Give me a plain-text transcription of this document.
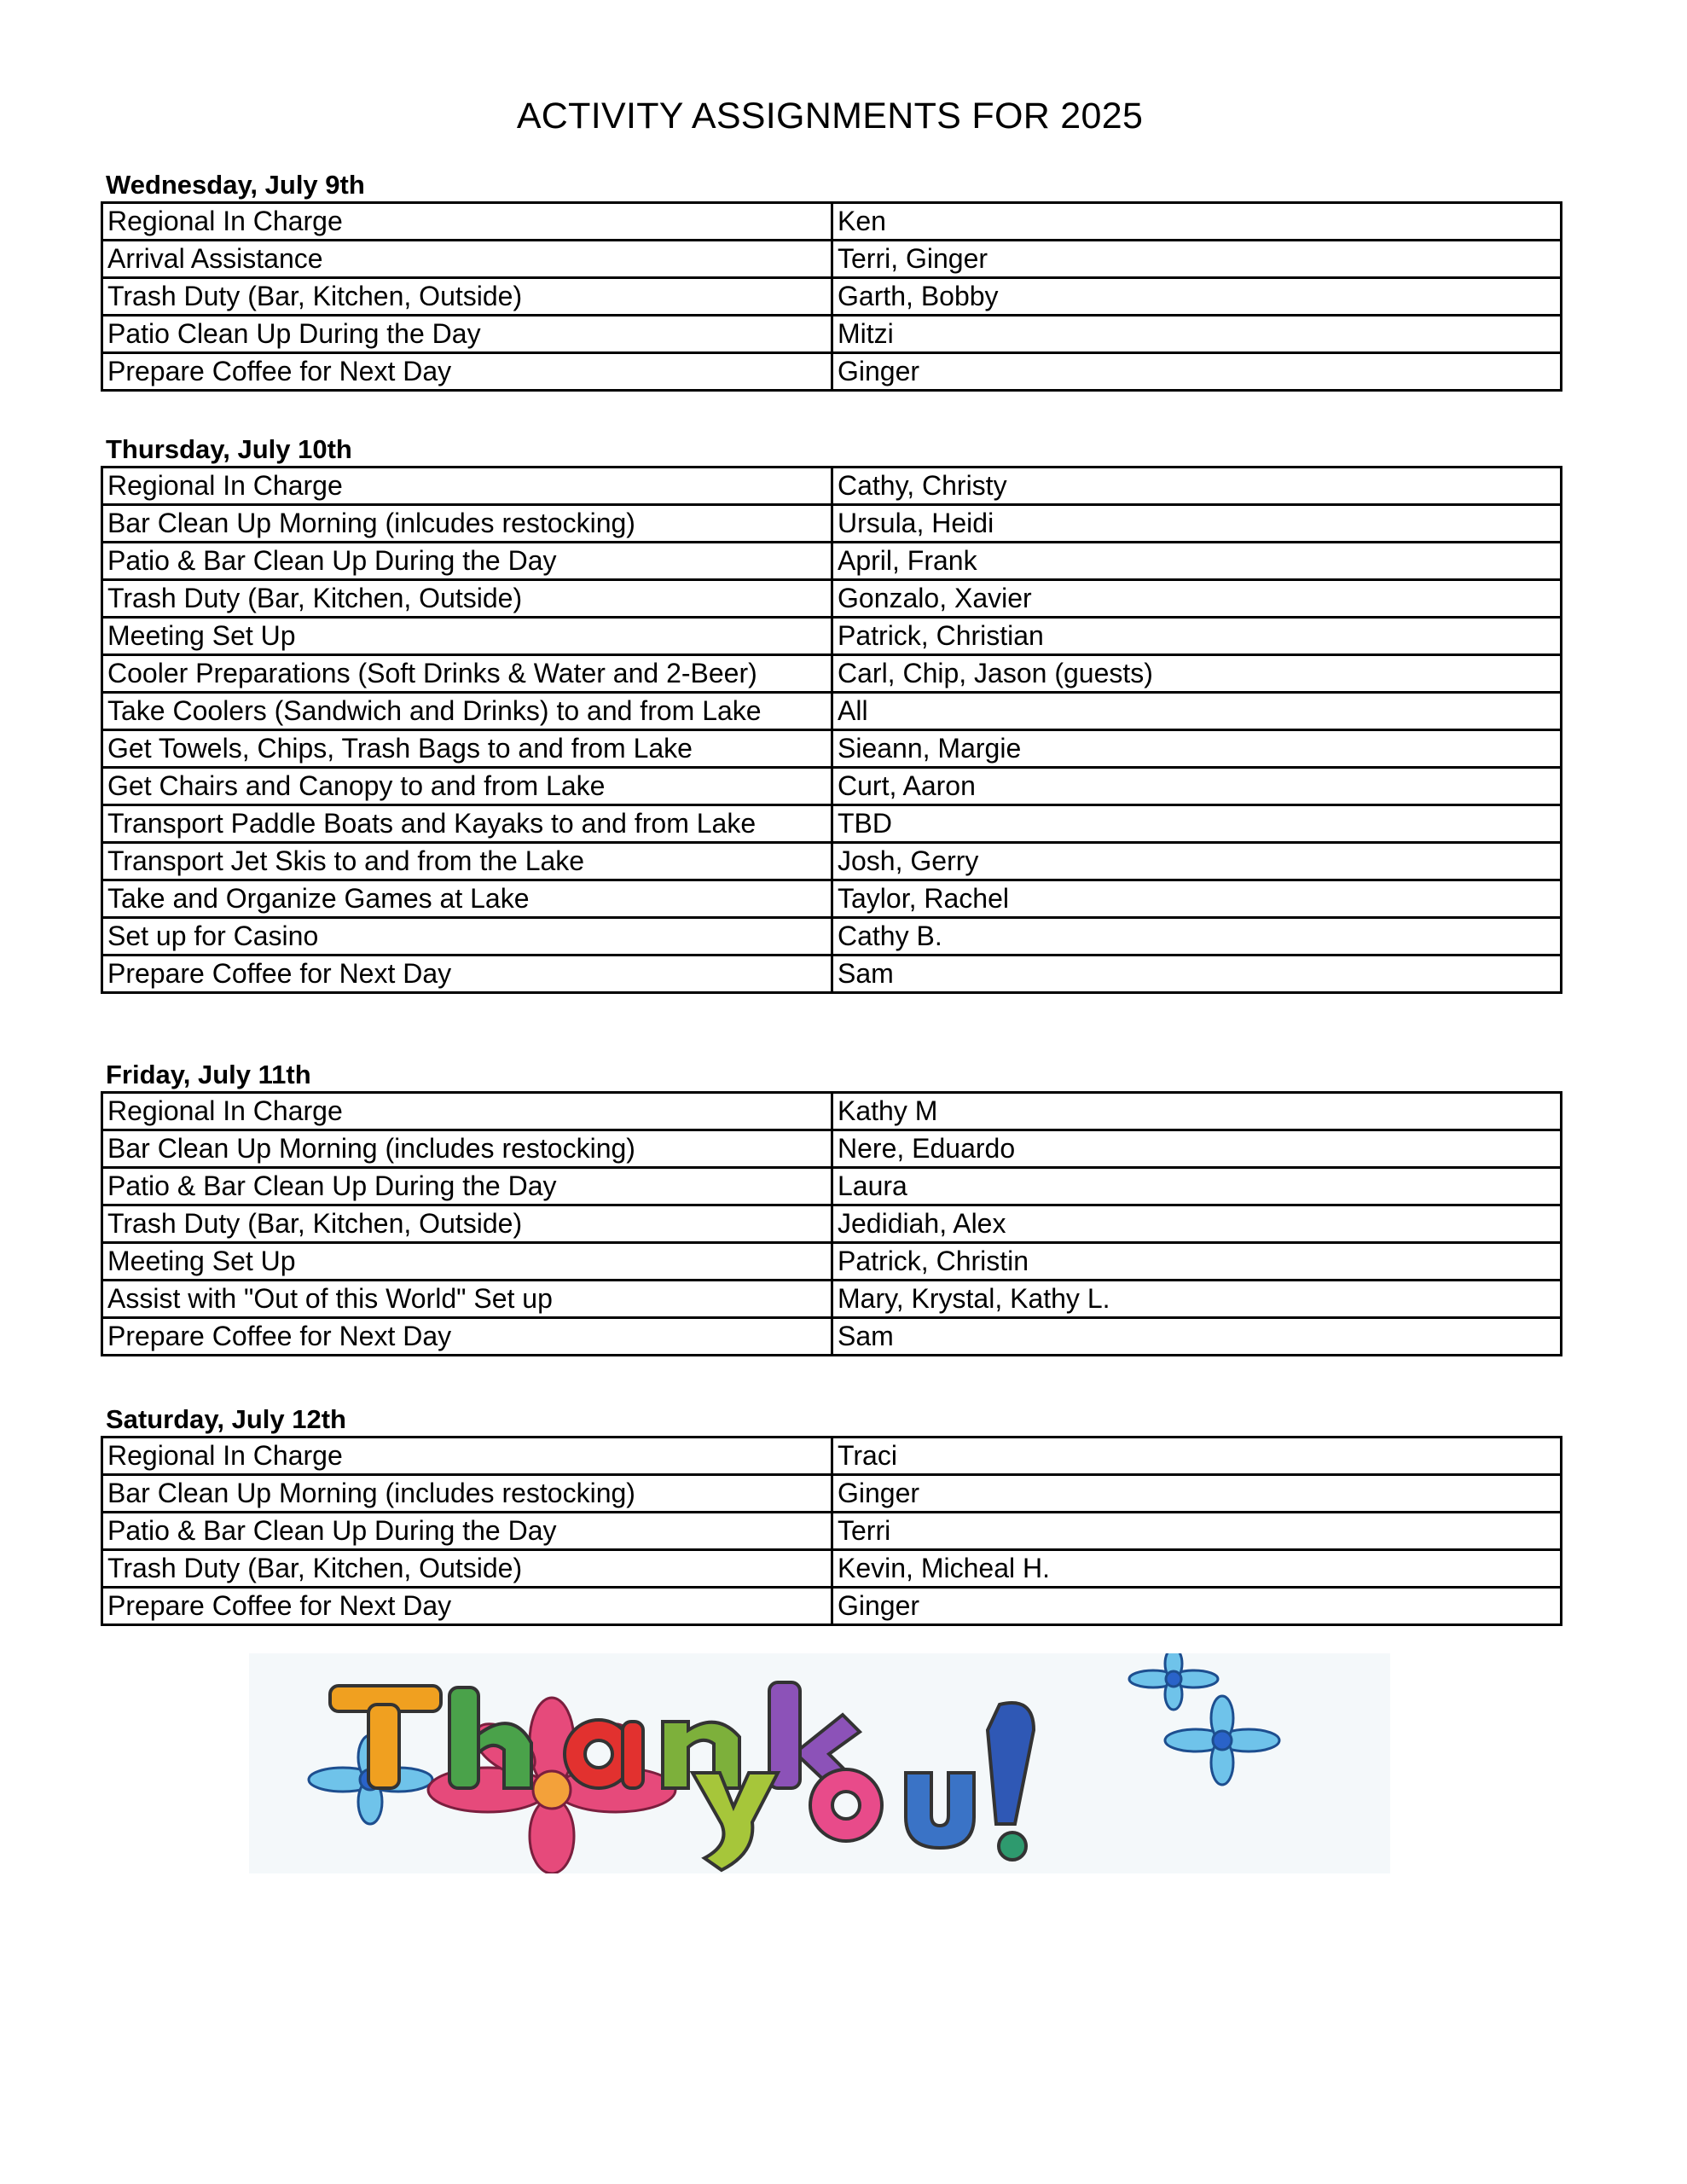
ACTIVITY ASSIGNMENTS FOR 2025
Wednesday, July 9th
Regional In Charge	Ken
Arrival Assistance	Terri, Ginger
Trash Duty (Bar, Kitchen, Outside)	Garth, Bobby
Patio Clean Up During the Day	Mitzi
Prepare Coffee for Next Day	Ginger
Thursday, July 10th
Regional In Charge	Cathy, Christy
Bar Clean Up Morning (inlcudes restocking)	Ursula, Heidi
Patio & Bar Clean Up During the Day	April, Frank
Trash Duty (Bar, Kitchen, Outside)	Gonzalo, Xavier
Meeting Set Up	Patrick, Christian
Cooler Preparations (Soft Drinks & Water and 2-Beer)	Carl, Chip, Jason (guests)
Take Coolers (Sandwich and Drinks) to and from Lake	All
Get Towels, Chips, Trash Bags to and from Lake	Sieann, Margie
Get Chairs and Canopy to and from Lake	Curt, Aaron
Transport Paddle Boats and Kayaks to and from Lake	TBD
Transport Jet Skis to and from the Lake	Josh, Gerry
Take and Organize Games at Lake	Taylor, Rachel
Set up for Casino	Cathy B.
Prepare Coffee for Next Day	Sam
Friday, July 11th
Regional In Charge	Kathy M
Bar Clean Up Morning (includes restocking)	Nere, Eduardo
Patio & Bar Clean Up During the Day	Laura
Trash Duty (Bar, Kitchen, Outside)	Jedidiah, Alex
Meeting Set Up	Patrick, Christin
Assist with "Out of this World" Set up	Mary, Krystal, Kathy L.
Prepare Coffee for Next Day	Sam
Saturday, July 12th
Regional In Charge	Traci
Bar Clean Up Morning (includes restocking)	Ginger
Patio & Bar Clean Up During the Day	Terri
Trash Duty (Bar, Kitchen, Outside)	Kevin, Micheal H.
Prepare Coffee for Next Day	Ginger
